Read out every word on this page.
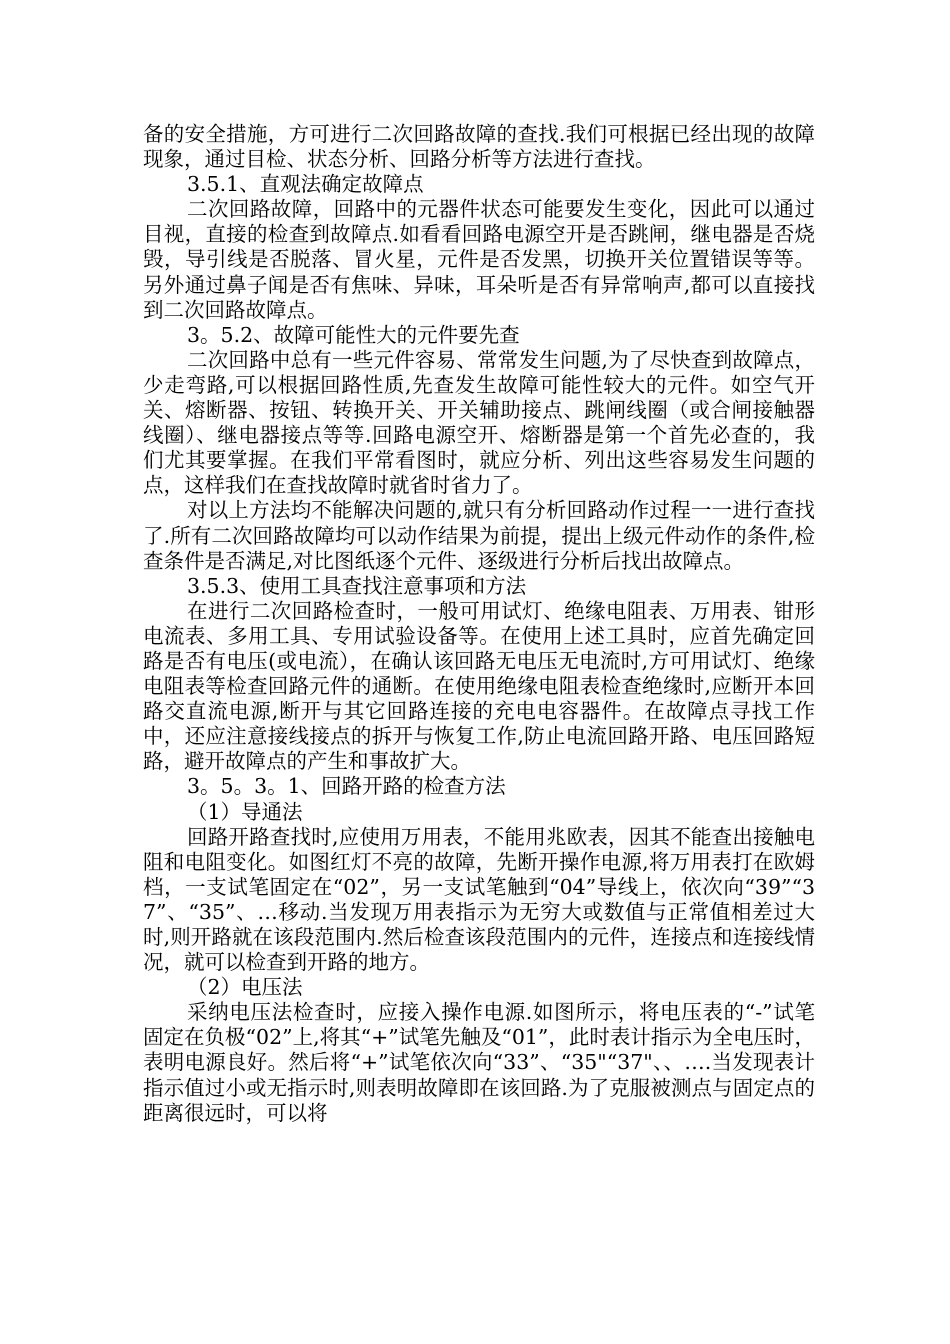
备的安全措施，方可进行二次回路故障的查找.我们可根据已经出现的故障现象，通过目检、状态分析、回路分析等方法进行查找。

3.5.1、直观法确定故障点

二次回路故障，回路中的元器件状态可能要发生变化，因此可以通过目视，直接的检查到故障点.如看看回路电源空开是否跳闸，继电器是否烧毁，导引线是否脱落、冒火星，元件是否发黑，切换开关位置错误等等。另外通过鼻子闻是否有焦味、异味，耳朵听是否有异常响声,都可以直接找到二次回路故障点。

3。5.2、故障可能性大的元件要先查

二次回路中总有一些元件容易、常常发生问题,为了尽快查到故障点，少走弯路,可以根据回路性质,先查发生故障可能性较大的元件。如空气开关、熔断器、按钮、转换开关、开关辅助接点、跳闸线圈（或合闸接触器线圈）、继电器接点等等.回路电源空开、熔断器是第一个首先必查的，我们尤其要掌握。在我们平常看图时，就应分析、列出这些容易发生问题的点，这样我们在查找故障时就省时省力了。

对以上方法均不能解决问题的,就只有分析回路动作过程一一进行查找了.所有二次回路故障均可以动作结果为前提，提出上级元件动作的条件,检查条件是否满足,对比图纸逐个元件、逐级进行分析后找出故障点。

3.5.3、使用工具查找注意事项和方法

在进行二次回路检查时，一般可用试灯、绝缘电阻表、万用表、钳形电流表、多用工具、专用试验设备等。在使用上述工具时，应首先确定回路是否有电压(或电流），在确认该回路无电压无电流时,方可用试灯、绝缘电阻表等检查回路元件的通断。在使用绝缘电阻表检查绝缘时,应断开本回路交直流电源,断开与其它回路连接的充电电容器件。在故障点寻找工作中，还应注意接线接点的拆开与恢复工作,防止电流回路开路、电压回路短路，避开故障点的产生和事故扩大。

3。5。3。1、回路开路的检查方法

（1）导通法

回路开路查找时,应使用万用表，不能用兆欧表，因其不能查出接触电阻和电阻变化。如图红灯不亮的故障，先断开操作电源,将万用表打在欧姆档，一支试笔固定在“02”，另一支试笔触到“04”导线上，依次向“39”“37”、“35”、…移动.当发现万用表指示为无穷大或数值与正常值相差过大时,则开路就在该段范围内.然后检查该段范围内的元件，连接点和连接线情况，就可以检查到开路的地方。

（2）电压法

采纳电压法检查时，应接入操作电源.如图所示，将电压表的“-”试笔固定在负极“02”上,将其“+”试笔先触及“01”，此时表计指示为全电压时，表明电源良好。然后将“+”试笔依次向“33”、“35"“37"、、….当发现表计指示值过小或无指示时,则表明故障即在该回路.为了克服被测点与固定点的距离很远时，可以将
